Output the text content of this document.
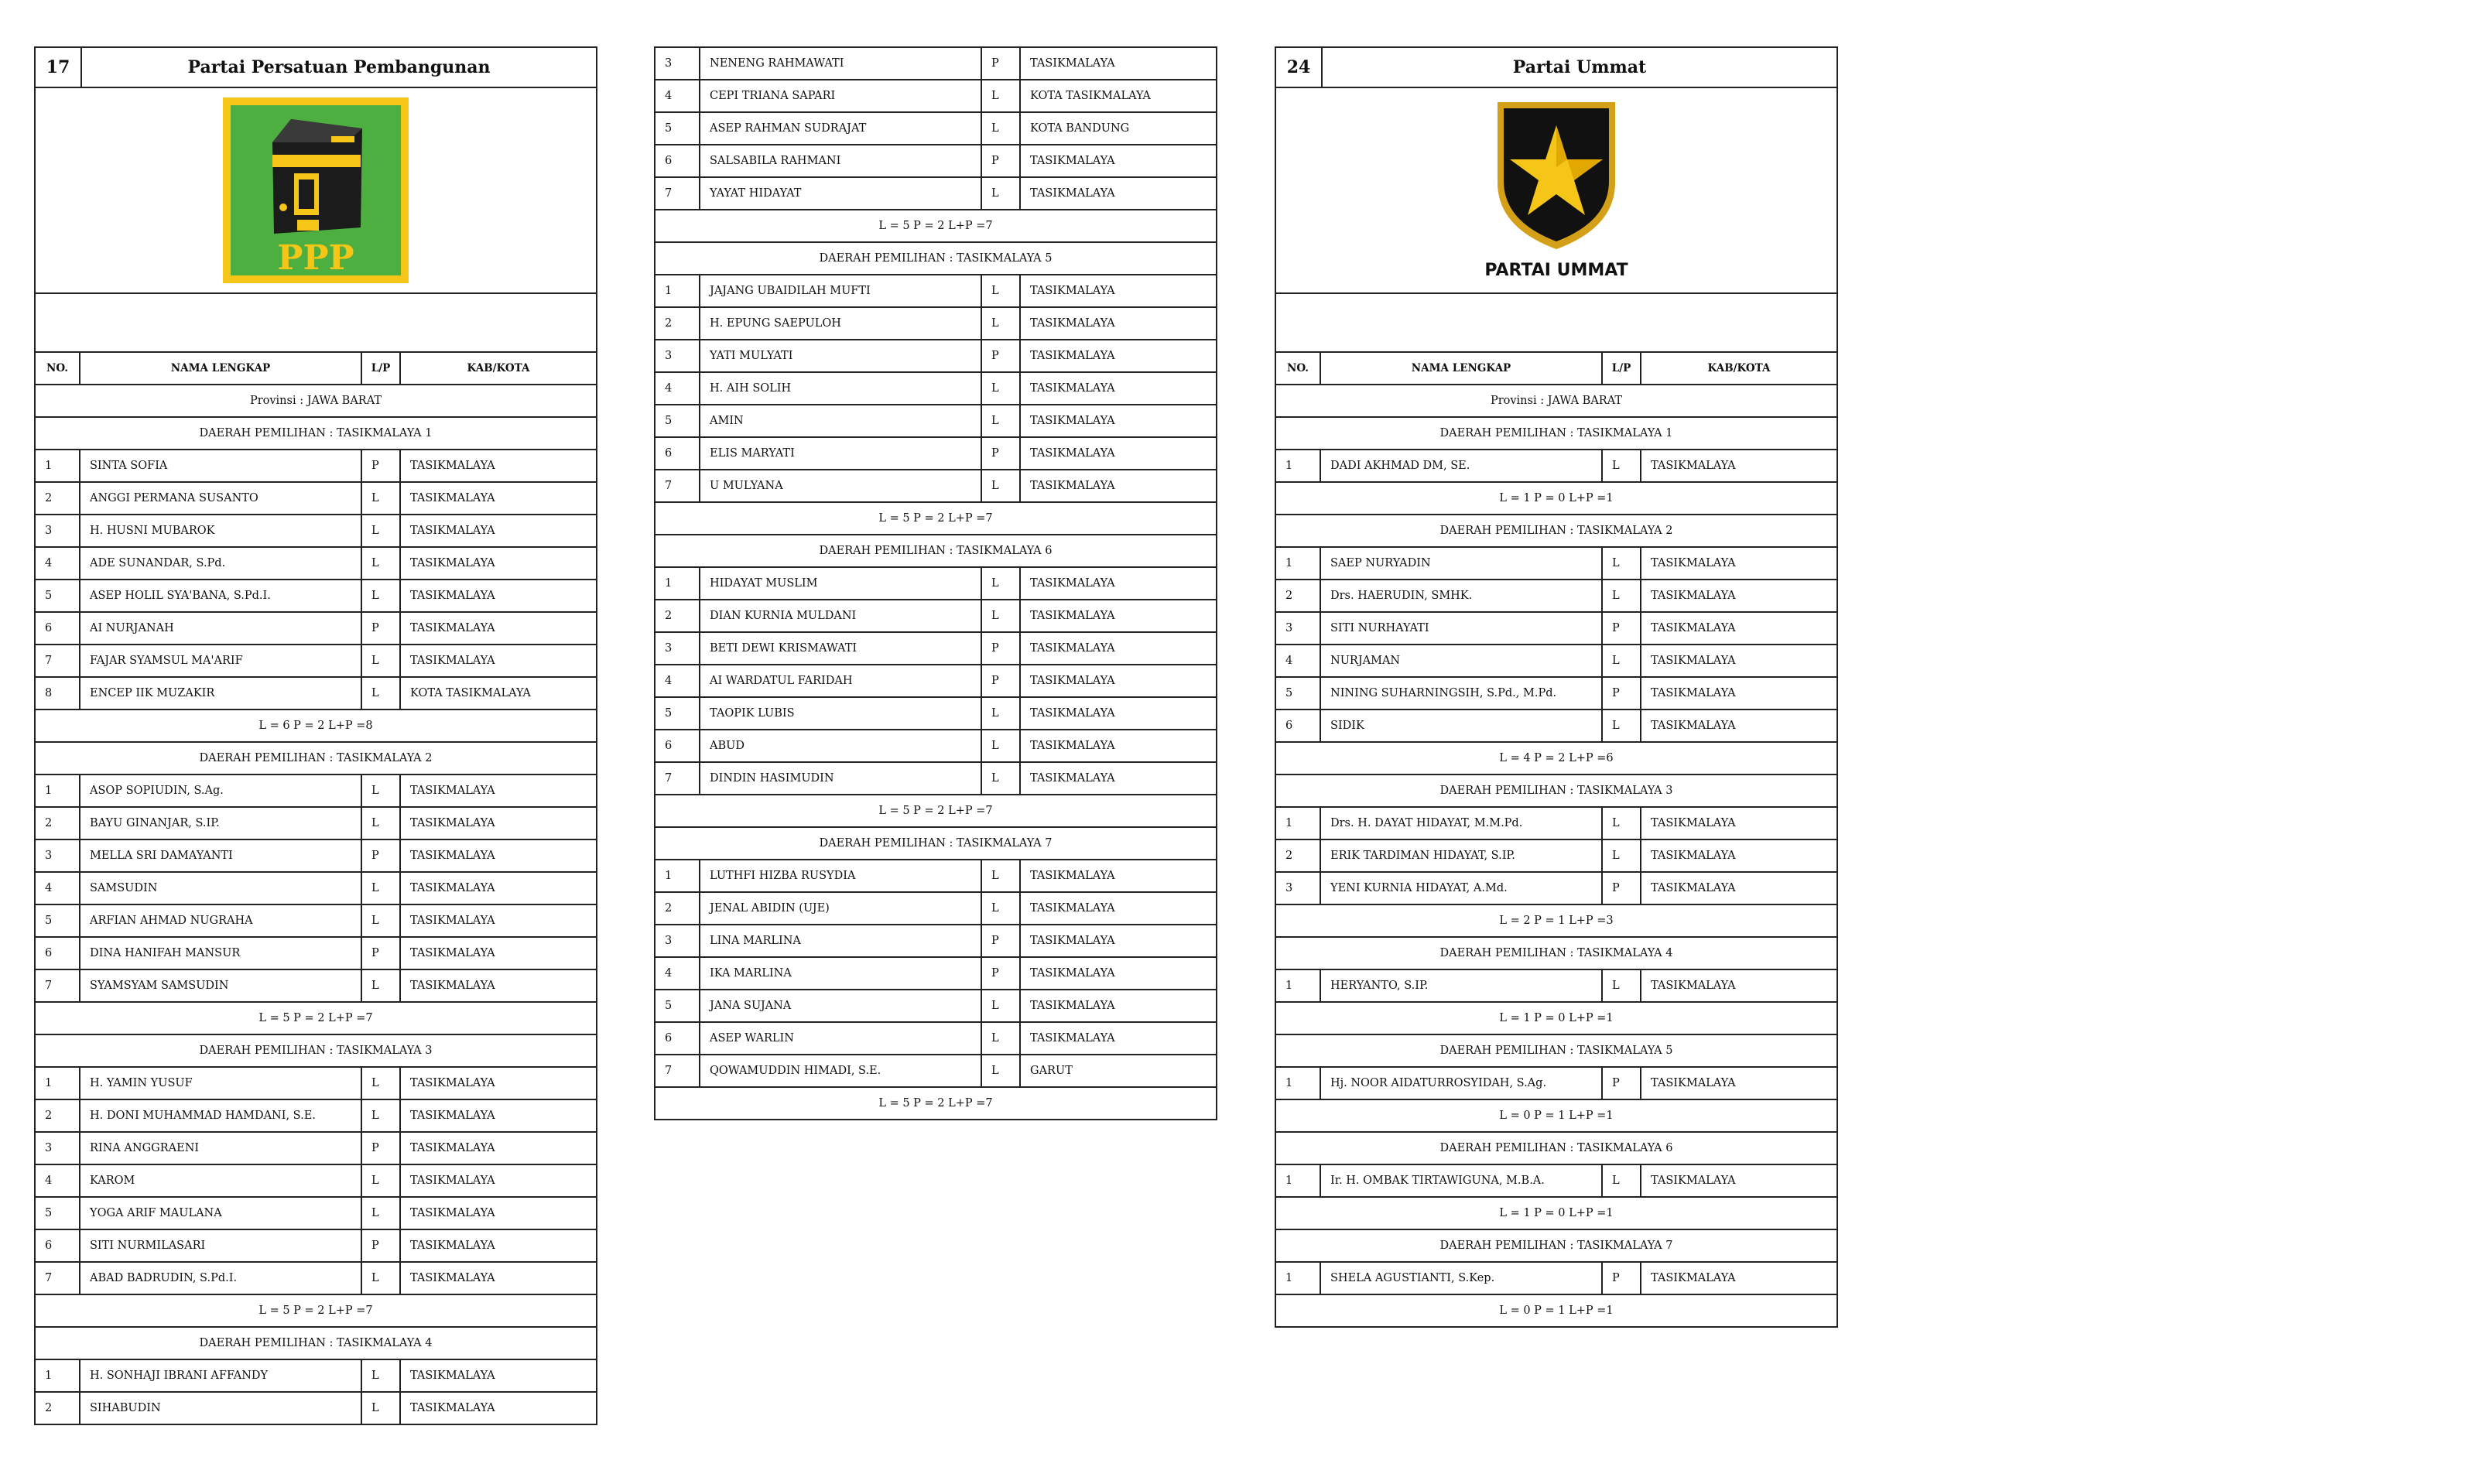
17	Partai Persatuan Pembangunan
PPP
NO.	NAMA LENGKAP	L/P	KAB/KOTA
Provinsi : JAWA BARAT
DAERAH PEMILIHAN : TASIKMALAYA 1
1	SINTA SOFIA	P	TASIKMALAYA
2	ANGGI PERMANA SUSANTO	L	TASIKMALAYA
3	H. HUSNI MUBAROK	L	TASIKMALAYA
4	ADE SUNANDAR, S.Pd.	L	TASIKMALAYA
5	ASEP HOLIL SYA'BANA, S.Pd.I.	L	TASIKMALAYA
6	AI NURJANAH	P	TASIKMALAYA
7	FAJAR SYAMSUL MA'ARIF	L	TASIKMALAYA
8	ENCEP IIK MUZAKIR	L	KOTA TASIKMALAYA
L = 6 P = 2 L+P =8
DAERAH PEMILIHAN : TASIKMALAYA 2
1	ASOP SOPIUDIN, S.Ag.	L	TASIKMALAYA
2	BAYU GINANJAR, S.IP.	L	TASIKMALAYA
3	MELLA SRI DAMAYANTI	P	TASIKMALAYA
4	SAMSUDIN	L	TASIKMALAYA
5	ARFIAN AHMAD NUGRAHA	L	TASIKMALAYA
6	DINA HANIFAH MANSUR	P	TASIKMALAYA
7	SYAMSYAM SAMSUDIN	L	TASIKMALAYA
L = 5 P = 2 L+P =7
DAERAH PEMILIHAN : TASIKMALAYA 3
1	H. YAMIN YUSUF	L	TASIKMALAYA
2	H. DONI MUHAMMAD HAMDANI, S.E.	L	TASIKMALAYA
3	RINA ANGGRAENI	P	TASIKMALAYA
4	KAROM	L	TASIKMALAYA
5	YOGA ARIF MAULANA	L	TASIKMALAYA
6	SITI NURMILASARI	P	TASIKMALAYA
7	ABAD BADRUDIN, S.Pd.I.	L	TASIKMALAYA
L = 5 P = 2 L+P =7
DAERAH PEMILIHAN : TASIKMALAYA 4
1	H. SONHAJI IBRANI AFFANDY	L	TASIKMALAYA
2	SIHABUDIN	L	TASIKMALAYA
3	NENENG RAHMAWATI	P	TASIKMALAYA
4	CEPI TRIANA SAPARI	L	KOTA TASIKMALAYA
5	ASEP RAHMAN SUDRAJAT	L	KOTA BANDUNG
6	SALSABILA RAHMANI	P	TASIKMALAYA
7	YAYAT HIDAYAT	L	TASIKMALAYA
L = 5 P = 2 L+P =7
DAERAH PEMILIHAN : TASIKMALAYA 5
1	JAJANG UBAIDILAH MUFTI	L	TASIKMALAYA
2	H. EPUNG SAEPULOH	L	TASIKMALAYA
3	YATI MULYATI	P	TASIKMALAYA
4	H. AIH SOLIH	L	TASIKMALAYA
5	AMIN	L	TASIKMALAYA
6	ELIS MARYATI	P	TASIKMALAYA
7	U MULYANA	L	TASIKMALAYA
L = 5 P = 2 L+P =7
DAERAH PEMILIHAN : TASIKMALAYA 6
1	HIDAYAT MUSLIM	L	TASIKMALAYA
2	DIAN KURNIA MULDANI	L	TASIKMALAYA
3	BETI DEWI KRISMAWATI	P	TASIKMALAYA
4	AI WARDATUL FARIDAH	P	TASIKMALAYA
5	TAOPIK LUBIS	L	TASIKMALAYA
6	ABUD	L	TASIKMALAYA
7	DINDIN HASIMUDIN	L	TASIKMALAYA
L = 5 P = 2 L+P =7
DAERAH PEMILIHAN : TASIKMALAYA 7
1	LUTHFI HIZBA RUSYDIA	L	TASIKMALAYA
2	JENAL ABIDIN (UJE)	L	TASIKMALAYA
3	LINA MARLINA	P	TASIKMALAYA
4	IKA MARLINA	P	TASIKMALAYA
5	JANA SUJANA	L	TASIKMALAYA
6	ASEP WARLIN	L	TASIKMALAYA
7	QOWAMUDDIN HIMADI, S.E.	L	GARUT
L = 5 P = 2 L+P =7
24	Partai Ummat
PARTAI UMMAT
NO.	NAMA LENGKAP	L/P	KAB/KOTA
Provinsi : JAWA BARAT
DAERAH PEMILIHAN : TASIKMALAYA 1
1	DADI AKHMAD DM, SE.	L	TASIKMALAYA
L = 1 P = 0 L+P =1
DAERAH PEMILIHAN : TASIKMALAYA 2
1	SAEP NURYADIN	L	TASIKMALAYA
2	Drs. HAERUDIN, SMHK.	L	TASIKMALAYA
3	SITI NURHAYATI	P	TASIKMALAYA
4	NURJAMAN	L	TASIKMALAYA
5	NINING SUHARNINGSIH, S.Pd., M.Pd.	P	TASIKMALAYA
6	SIDIK	L	TASIKMALAYA
L = 4 P = 2 L+P =6
DAERAH PEMILIHAN : TASIKMALAYA 3
1	Drs. H. DAYAT HIDAYAT, M.M.Pd.	L	TASIKMALAYA
2	ERIK TARDIMAN HIDAYAT, S.IP.	L	TASIKMALAYA
3	YENI KURNIA HIDAYAT, A.Md.	P	TASIKMALAYA
L = 2 P = 1 L+P =3
DAERAH PEMILIHAN : TASIKMALAYA 4
1	HERYANTO, S.IP.	L	TASIKMALAYA
L = 1 P = 0 L+P =1
DAERAH PEMILIHAN : TASIKMALAYA 5
1	Hj. NOOR AIDATURROSYIDAH, S.Ag.	P	TASIKMALAYA
L = 0 P = 1 L+P =1
DAERAH PEMILIHAN : TASIKMALAYA 6
1	Ir. H. OMBAK TIRTAWIGUNA, M.B.A.	L	TASIKMALAYA
L = 1 P = 0 L+P =1
DAERAH PEMILIHAN : TASIKMALAYA 7
1	SHELA AGUSTIANTI, S.Kep.	P	TASIKMALAYA
L = 0 P = 1 L+P =1
